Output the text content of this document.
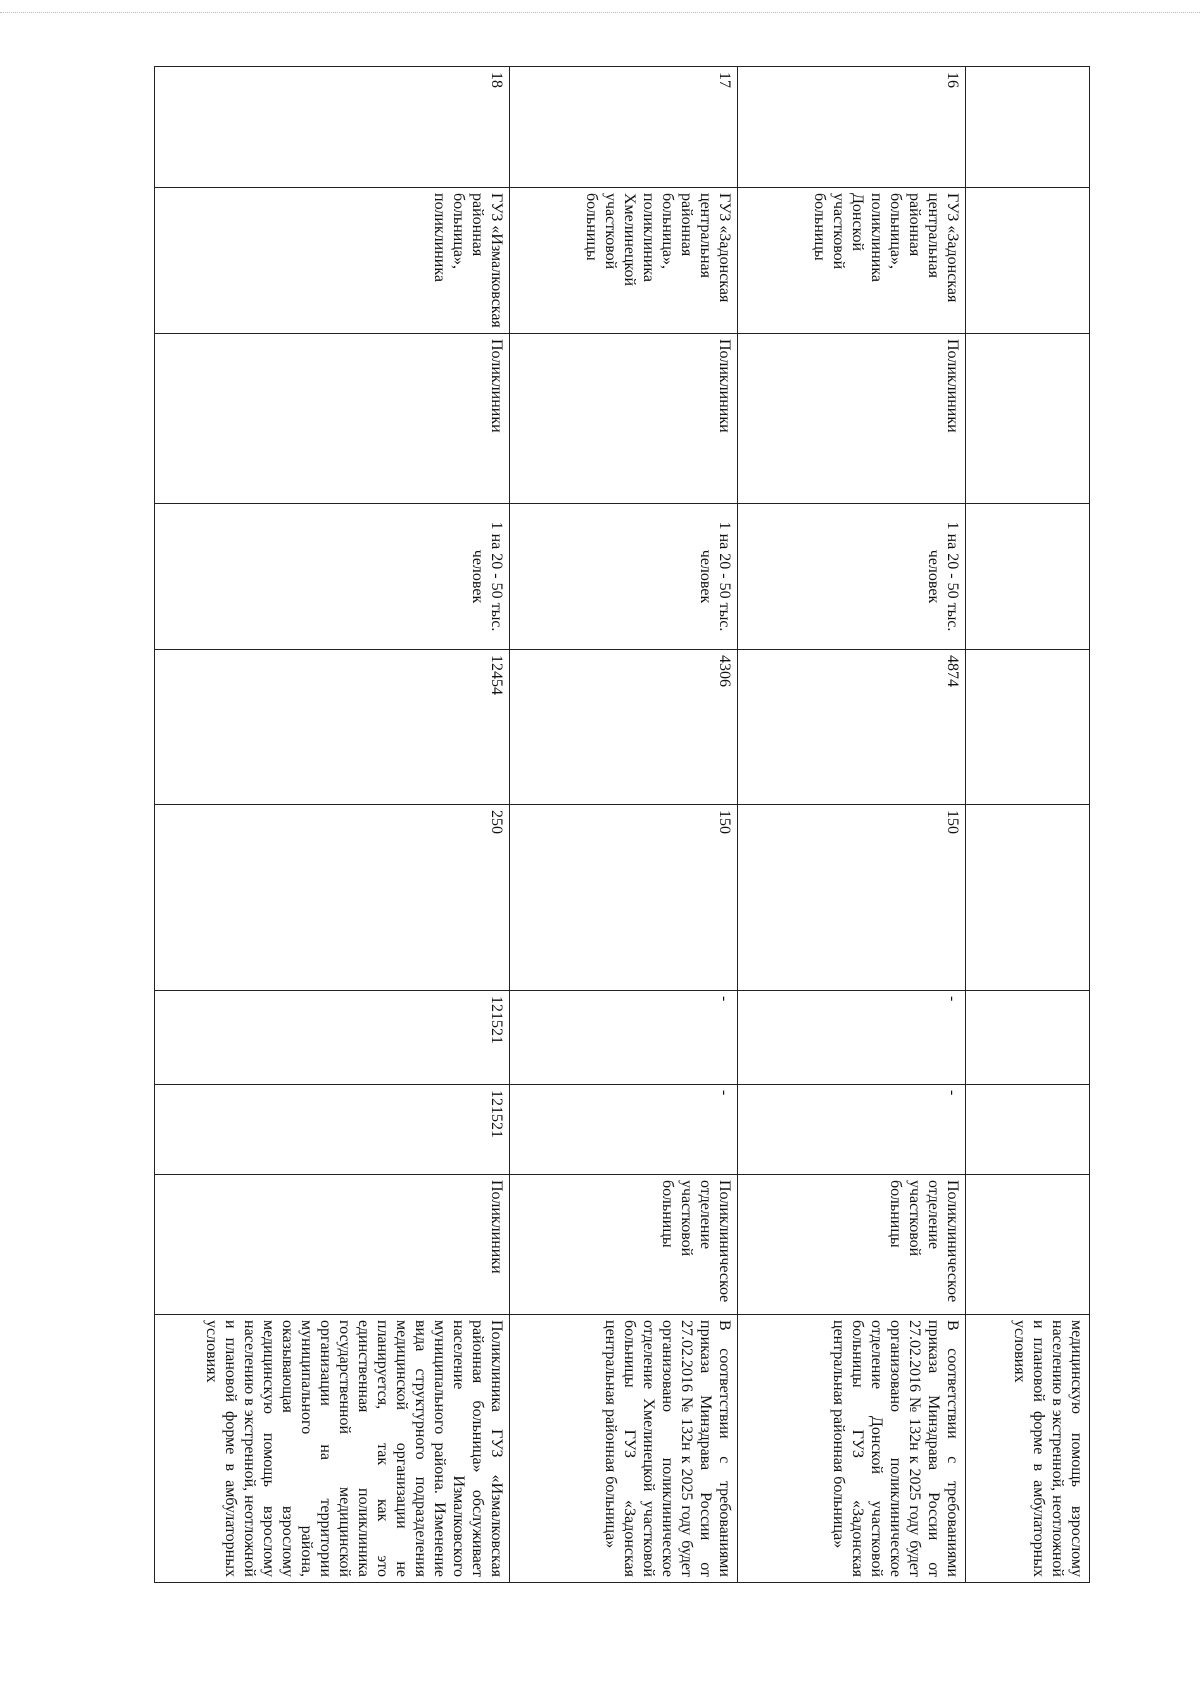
									медицинскую помощь взрослому населению в экстренной, неотложной и плановой форме в амбулаторных условиях
16	ГУЗ «Задонская центральная районная больница», поликлиника Донской участковой больницы	Поликлиники	1 на 20 - 50 тыс. человек	4874	150	-	-	Поликлиническое отделение участковой больницы	В соответствии с требованиями приказа Минздрава России от 27.02.2016 № 132н к 2025 году будет организовано поликлиническое отделение Донской участковой больницы ГУЗ «Задонская центральная районная больница»
17	ГУЗ «Задонская центральная районная больница», поликлиника Хмелинецкой участковой больницы	Поликлиники	1 на 20 - 50 тыс. человек	4306	150	-	-	Поликлиническое отделение участковой больницы	В соответствии с требованиями приказа Минздрава России от 27.02.2016 № 132н к 2025 году будет организовано поликлиническое отделение Хмелинецкой участковой больницы ГУЗ «Задонская центральная районная больница»
18	ГУЗ «Измалковская районная больница», поликлиника	Поликлиники	1 на 20 - 50 тыс. человек	12454	250	121521	121521	Поликлиники	Поликлиника ГУЗ «Измалковская районная больница» обслуживает население Измалковского муниципального района. Изменение вида структурного подразделения медицинской организации не планируется, так как это единственная поликлиника государственной медицинской организации на территории муниципального района, оказывающая взрослому медицинскую помощь взрослому населению в экстренной, неотложной и плановой форме в амбулаторных условиях
